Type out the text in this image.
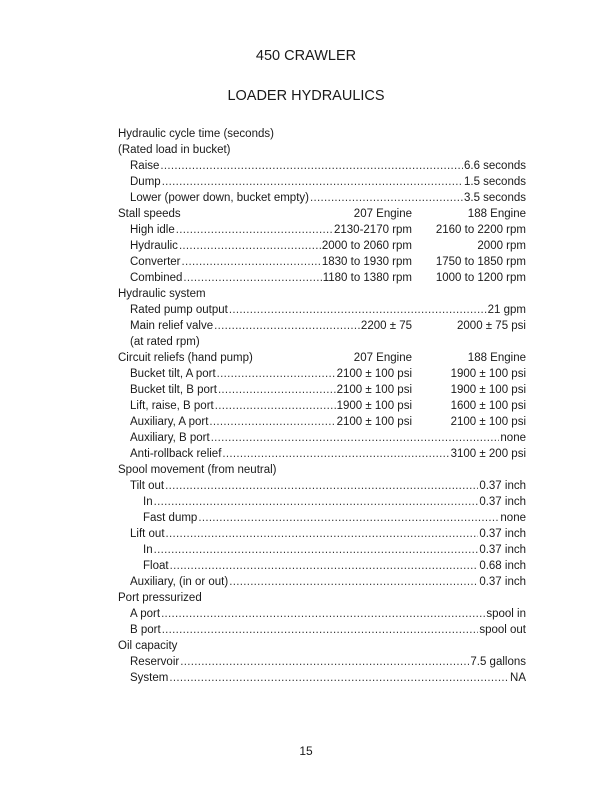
450 CRAWLER
LOADER HYDRAULICS
Hydraulic cycle time (seconds)
(Rated load in bucket)
Raise .....	6.6 seconds
Dump .....	1.5 seconds
Lower (power down, bucket empty) .....	3.5 seconds
Stall speeds	207 Engine	188 Engine
High idle .....	2130-2170 rpm 2160 to 2200 rpm
Hydraulic .....	2000 to 2060 rpm	2000 rpm
Converter .....	1830 to 1930 rpm 1750 to 1850 rpm
Combined .....	1180 to 1380 rpm 1000 to 1200 rpm
Hydraulic system
Rated pump output .....	21 gpm
Main relief valve .....	2200 ± 75	2000 ± 75 psi
(at rated rpm)
Circuit reliefs (hand pump)	207 Engine	188 Engine
Bucket tilt, A port .....	2100 ± 100 psi	1900 ± 100 psi
Bucket tilt, B port .....	2100 ± 100 psi	1900 ± 100 psi
Lift, raise, B port .....	1900 ± 100 psi	1600 ± 100 psi
Auxiliary, A port .....	2100 ± 100 psi	2100 ± 100 psi
Auxiliary, B port .....	none
Anti-rollback relief .....	3100 ± 200 psi
Spool movement (from neutral)
Tilt out .....	0.37 inch
In .....	0.37 inch
Fast dump .....	none
Lift out .....	0.37 inch
In .....	0.37 inch
Float .....	0.68 inch
Auxiliary, (in or out) .....	0.37 inch
Port pressurized
A port .....	spool in
B port .....	spool out
Oil capacity
Reservoir .....	7.5 gallons
System .....	NA
15
